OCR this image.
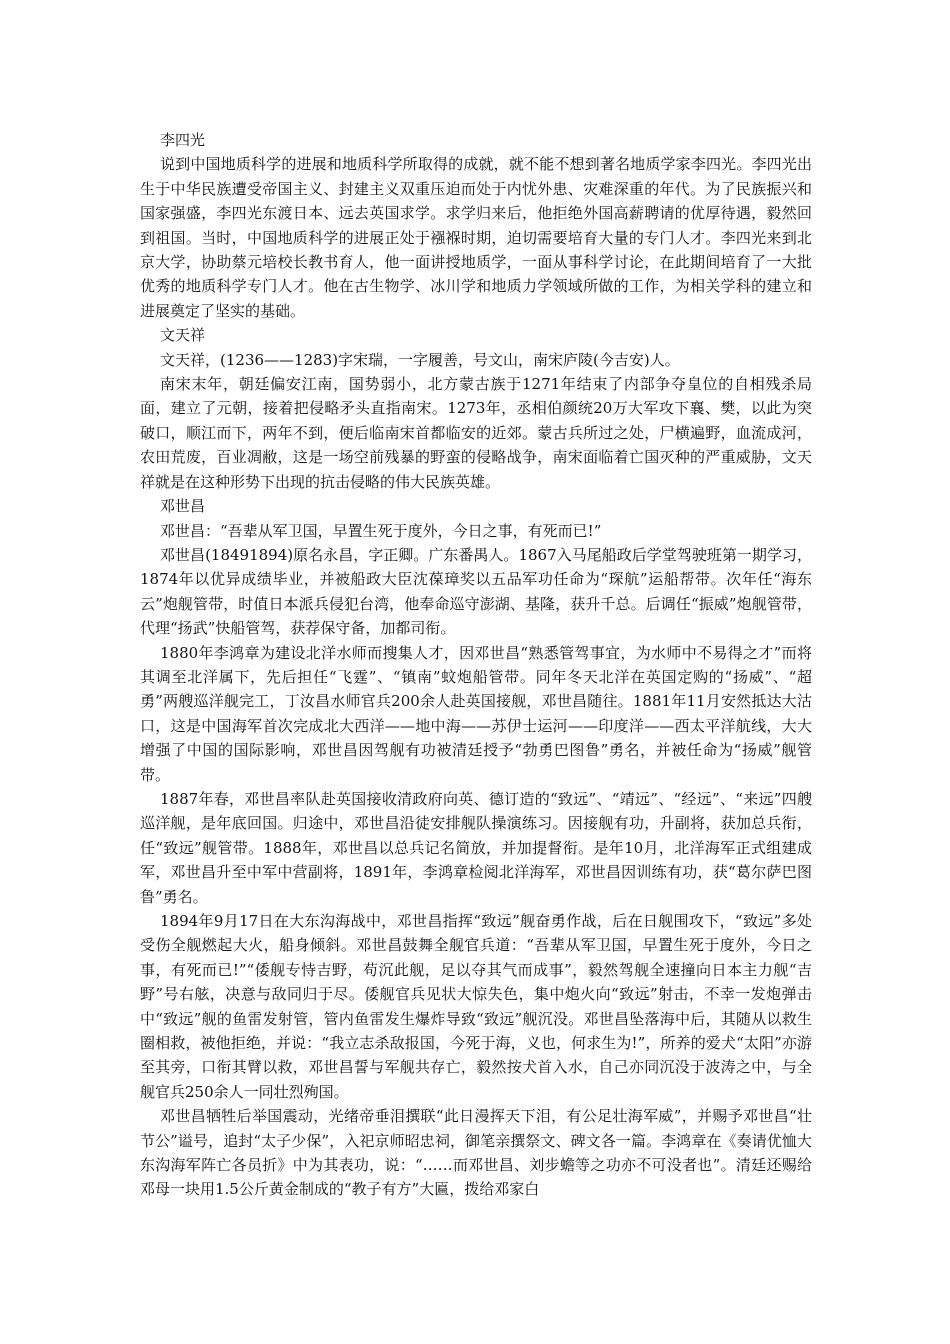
李四光

说到中国地质科学的进展和地质科学所取得的成就，就不能不想到著名地质学家李四光。李四光出生于中华民族遭受帝国主义、封建主义双重压迫而处于内忧外患、灾难深重的年代。为了民族振兴和国家强盛，李四光东渡日本、远去英国求学。求学归来后，他拒绝外国高薪聘请的优厚待遇，毅然回到祖国。当时，中国地质科学的进展正处于襁褓时期，迫切需要培育大量的专门人才。李四光来到北京大学，协助蔡元培校长教书育人，他一面讲授地质学，一面从事科学讨论，在此期间培育了一大批优秀的地质科学专门人才。他在古生物学、冰川学和地质力学领域所做的工作，为相关学科的建立和进展奠定了坚实的基础。

文天祥

文天祥，(1236——1283)字宋瑞，一字履善，号文山，南宋庐陵(今吉安)人。

南宋末年，朝廷偏安江南，国势弱小，北方蒙古族于1271年结束了内部争夺皇位的自相残杀局面，建立了元朝，接着把侵略矛头直指南宋。1273年，丞相伯颜统20万大军攻下襄、樊，以此为突破口，顺江而下，两年不到，便后临南宋首都临安的近郊。蒙古兵所过之处，尸横遍野，血流成河，农田荒废，百业凋敝，这是一场空前残暴的野蛮的侵略战争，南宋面临着亡国灭种的严重威胁，文天祥就是在这种形势下出现的抗击侵略的伟大民族英雄。

邓世昌

邓世昌：“吾辈从军卫国，早置生死于度外，今日之事，有死而已!”

邓世昌(18491894)原名永昌，字正卿。广东番禺人。1867入马尾船政后学堂驾驶班第一期学习，1874年以优异成绩毕业，并被船政大臣沈葆璋奖以五品军功任命为“琛航”运船帮带。次年任“海东云”炮舰管带，时值日本派兵侵犯台湾，他奉命巡守澎湖、基隆，获升千总。后调任“振威”炮舰管带，代理“扬武”快船管驾，获荐保守备，加都司衔。

1880年李鸿章为建设北洋水师而搜集人才，因邓世昌“熟悉管驾事宜，为水师中不易得之才”而将其调至北洋属下，先后担任“飞霆”、“镇南”蚊炮船管带。同年冬天北洋在英国定购的“扬威”、“超勇”两艘巡洋舰完工，丁汝昌水师官兵200余人赴英国接舰，邓世昌随往。1881年11月安然抵达大沽口，这是中国海军首次完成北大西洋——地中海——苏伊士运河——印度洋——西太平洋航线，大大增强了中国的国际影响，邓世昌因驾舰有功被清廷授予“勃勇巴图鲁”勇名，并被任命为“扬威”舰管带。

1887年春，邓世昌率队赴英国接收清政府向英、德订造的“致远”、“靖远”、“经远”、“来远”四艘巡洋舰，是年底回国。归途中，邓世昌沿徒安排舰队操演练习。因接舰有功，升副将，获加总兵衔，任“致远”舰管带。1888年，邓世昌以总兵记名简放，并加提督衔。是年10月，北洋海军正式组建成军，邓世昌升至中军中营副将，1891年，李鸿章检阅北洋海军，邓世昌因训练有功，获“葛尔萨巴图鲁”勇名。

1894年9月17日在大东沟海战中，邓世昌指挥“致远”舰奋勇作战，后在日舰围攻下，“致远”多处受伤全舰燃起大火，船身倾斜。邓世昌鼓舞全舰官兵道：“吾辈从军卫国，早置生死于度外，今日之事，有死而已!”“倭舰专恃吉野，苟沉此舰，足以夺其气而成事”，毅然驾舰全速撞向日本主力舰“吉野”号右舷，决意与敌同归于尽。倭舰官兵见状大惊失色，集中炮火向“致远”射击，不幸一发炮弹击中“致远”舰的鱼雷发射管，管内鱼雷发生爆炸导致“致远”舰沉没。邓世昌坠落海中后，其随从以救生圈相救，被他拒绝，并说：“我立志杀敌报国，今死于海，义也，何求生为!”，所养的爱犬“太阳”亦游至其旁，口衔其臂以救，邓世昌誓与军舰共存亡，毅然按犬首入水，自己亦同沉没于波涛之中，与全舰官兵250余人一同壮烈殉国。

邓世昌牺牲后举国震动，光绪帝垂泪撰联“此日漫挥天下泪，有公足壮海军威”，并赐予邓世昌“壮节公”谥号，追封“太子少保”，入祀京师昭忠祠，御笔亲撰祭文、碑文各一篇。李鸿章在《奏请优恤大东沟海军阵亡各员折》中为其表功，说：“……而邓世昌、刘步蟾等之功亦不可没者也”。清廷还赐给邓母一块用1.5公斤黄金制成的“教子有方”大匾，拨给邓家白
